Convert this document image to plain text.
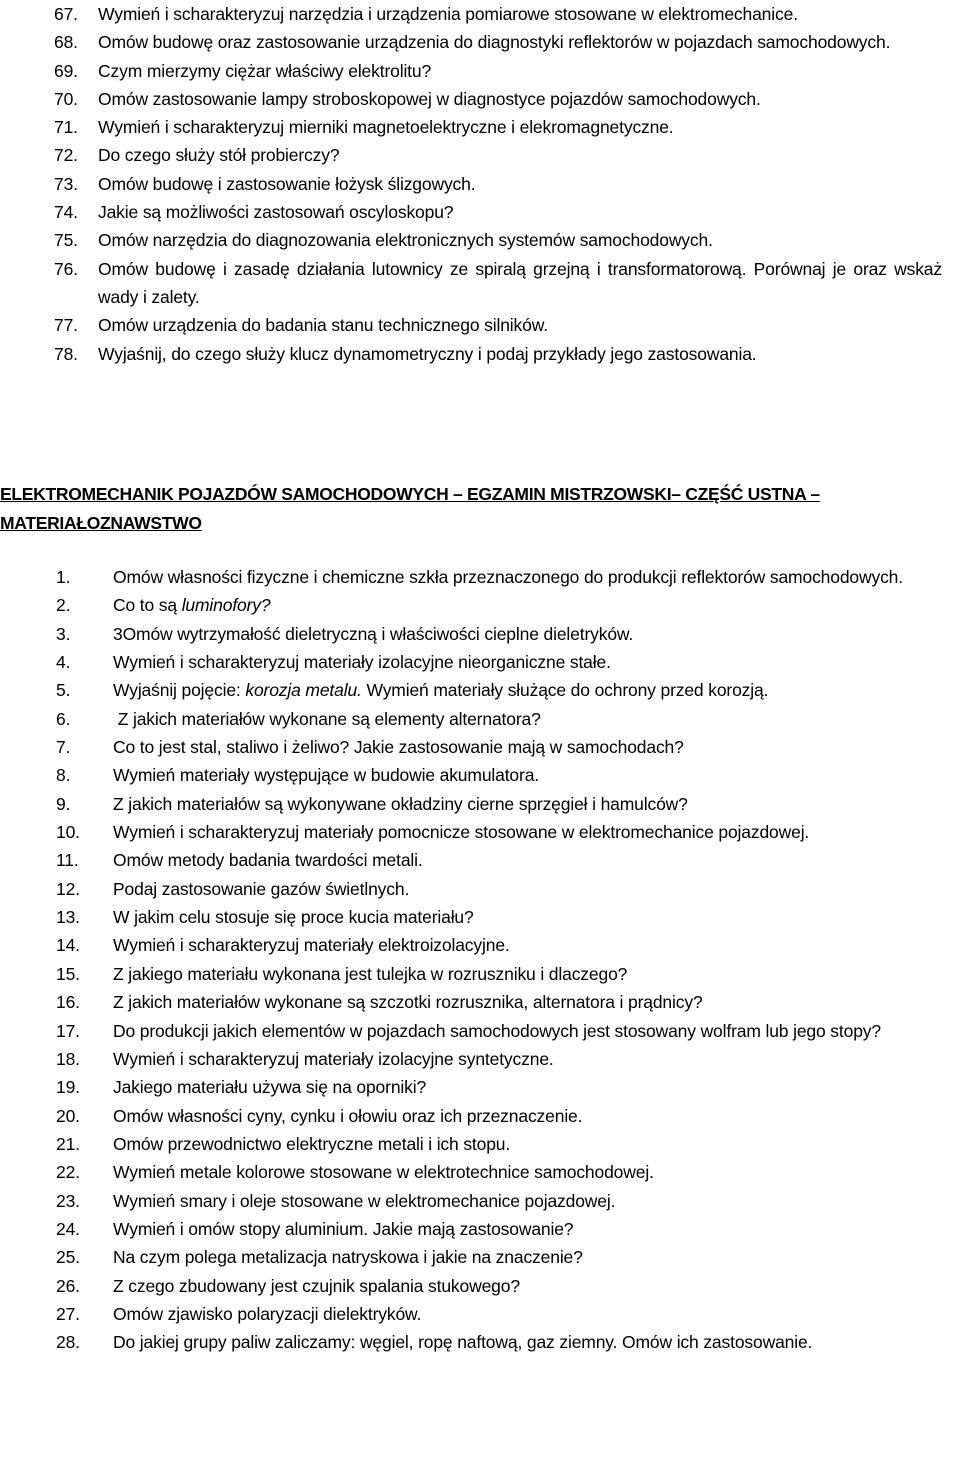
67. Wymień i scharakteryzuj narzędzia i urządzenia pomiarowe stosowane w elektromechanice.
68. Omów budowę oraz zastosowanie urządzenia do diagnostyki reflektorów w pojazdach samochodowych.
69. Czym mierzymy ciężar właściwy elektrolitu?
70. Omów zastosowanie lampy stroboskopowej w diagnostyce pojazdów samochodowych.
71. Wymień i scharakteryzuj mierniki magnetoelektryczne i elekromagnetyczne.
72. Do czego służy stół probierczy?
73. Omów budowę i zastosowanie łożysk ślizgowych.
74. Jakie są możliwości zastosowań oscyloskopu?
75. Omów narzędzia do diagnozowania elektronicznych systemów samochodowych.
76. Omów budowę i zasadę działania lutownicy ze spiralą grzejną i transformatorową. Porównaj je oraz wskaż wady i zalety.
77. Omów urządzenia do badania stanu technicznego silników.
78. Wyjaśnij, do czego służy klucz dynamometryczny i podaj przykłady jego zastosowania.
ELEKTROMECHANIK POJAZDÓW SAMOCHODOWYCH – EGZAMIN MISTRZOWSKI– CZĘŚĆ USTNA – MATERIAŁOZNAWSTWO
1. Omów własności fizyczne i chemiczne szkła przeznaczonego do produkcji reflektorów samochodowych.
2. Co to są luminofory?
3. 3Omów wytrzymałość dieletryczną i właściwości cieplne dieletryków.
4. Wymień i scharakteryzuj materiały izolacyjne nieorganiczne stałe.
5. Wyjaśnij pojęcie: korozja metalu. Wymień materiały służące do ochrony przed korozją.
6. Z jakich materiałów wykonane są elementy alternatora?
7. Co to jest stal, staliwo i żeliwo? Jakie zastosowanie mają w samochodach?
8. Wymień materiały występujące w budowie akumulatora.
9. Z jakich materiałów są wykonywane okładziny cierne sprzęgieł i hamulców?
10. Wymień i scharakteryzuj materiały pomocnicze stosowane w elektromechanice pojazdowej.
11. Omów metody badania twardości metali.
12. Podaj zastosowanie gazów świetlnych.
13. W jakim celu stosuje się proce kucia materiału?
14. Wymień i scharakteryzuj materiały elektroizolacyjne.
15. Z jakiego materiału wykonana jest tulejka w rozruszniku i dlaczego?
16. Z jakich materiałów wykonane są szczotki rozrusznika, alternatora i prądnicy?
17. Do produkcji jakich elementów w pojazdach samochodowych jest stosowany wolfram lub jego stopy?
18. Wymień i scharakteryzuj materiały izolacyjne syntetyczne.
19. Jakiego materiału używa się na oporniki?
20. Omów własności cyny, cynku i ołowiu oraz ich przeznaczenie.
21. Omów przewodnictwo elektryczne metali i ich stopu.
22. Wymień metale kolorowe stosowane w elektrotechnice samochodowej.
23. Wymień smary i oleje stosowane w elektromechanice pojazdowej.
24. Wymień i omów stopy aluminium. Jakie mają zastosowanie?
25. Na czym polega metalizacja natryskowa i jakie na znaczenie?
26. Z czego zbudowany jest czujnik spalania stukowego?
27. Omów zjawisko polaryzacji dielektryków.
28. Do jakiej grupy paliw zaliczamy: węgiel, ropę naftową, gaz ziemny. Omów ich zastosowanie.
